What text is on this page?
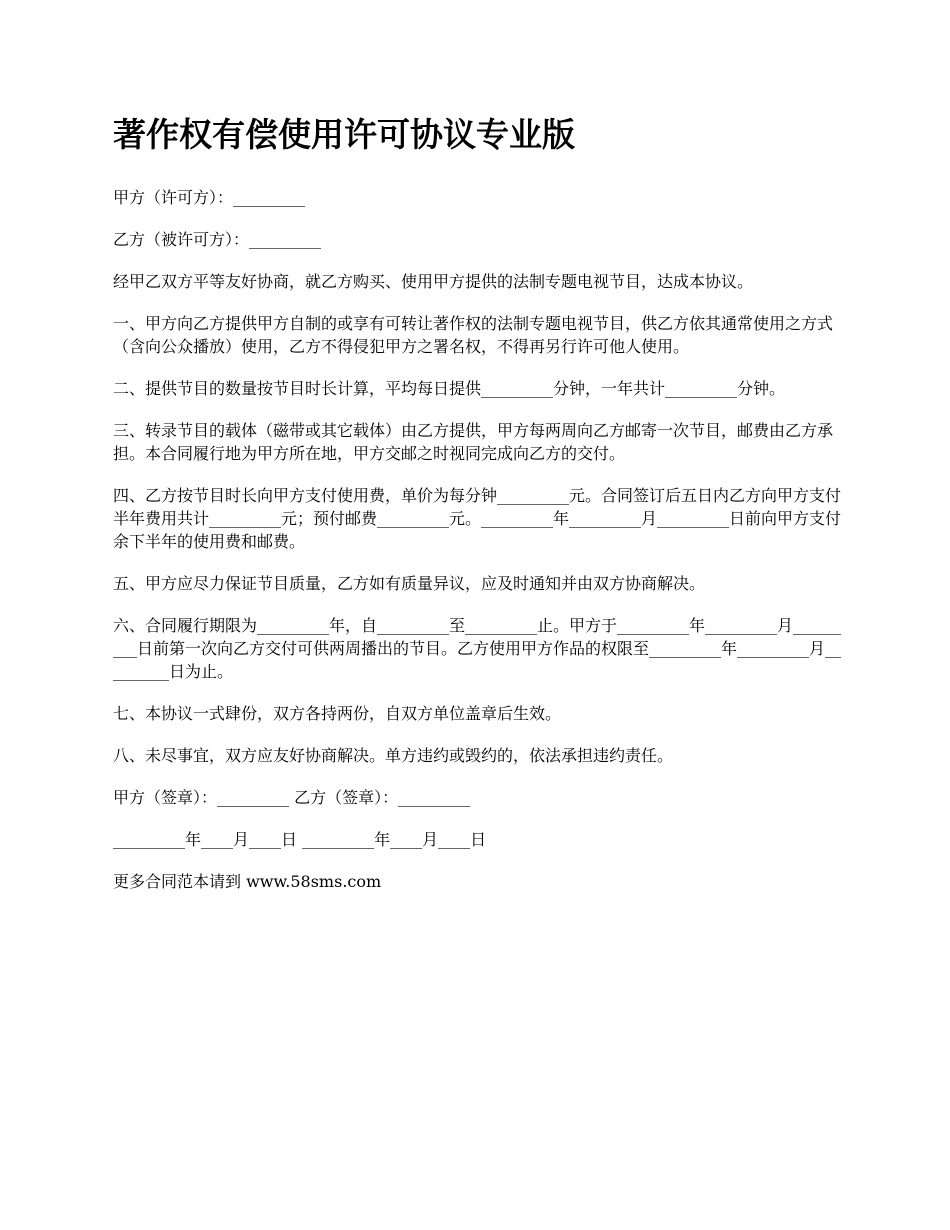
著作权有偿使用许可协议专业版

甲方（许可方）：_________

乙方（被许可方）：_________

经甲乙双方平等友好协商，就乙方购买、使用甲方提供的法制专题电视节目，达成本协议。

一、甲方向乙方提供甲方自制的或享有可转让著作权的法制专题电视节目，供乙方依其通常使用之方式（含向公众播放）使用，乙方不得侵犯甲方之署名权，不得再另行许可他人使用。

二、提供节目的数量按节目时长计算，平均每日提供_________分钟，一年共计_________分钟。

三、转录节目的载体（磁带或其它载体）由乙方提供，甲方每两周向乙方邮寄一次节目，邮费由乙方承担。本合同履行地为甲方所在地，甲方交邮之时视同完成向乙方的交付。

四、乙方按节目时长向甲方支付使用费，单价为每分钟_________元。合同签订后五日内乙方向甲方支付半年费用共计_________元；预付邮费_________元。_________年_________月_________日前向甲方支付余下半年的使用费和邮费。

五、甲方应尽力保证节目质量，乙方如有质量异议，应及时通知并由双方协商解决。

六、合同履行期限为_________年，自_________至_________止。甲方于_________年_________月_________日前第一次向乙方交付可供两周播出的节目。乙方使用甲方作品的权限至_________年_________月_________日为止。

七、本协议一式肆份，双方各持两份，自双方单位盖章后生效。

八、未尽事宜，双方应友好协商解决。单方违约或毁约的，依法承担违约责任。

甲方（签章）：_________ 乙方（签章）：_________

_________年____月____日 _________年____月____日

更多合同范本请到 www.58sms.com
